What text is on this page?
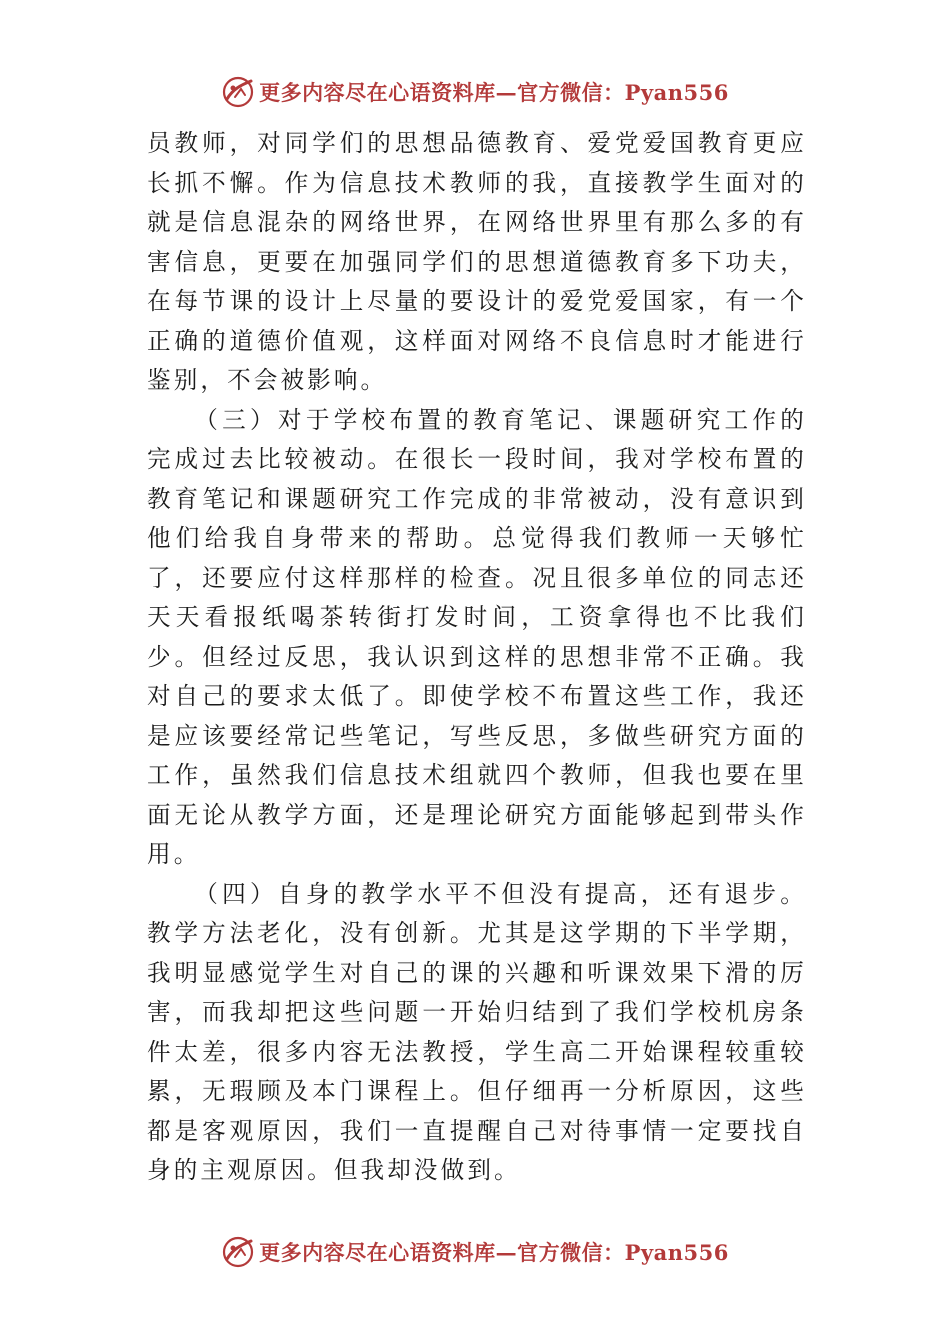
更多内容尽在心语资料库—官方微信：Pyan556

员教师，对同学们的思想品德教育、爱党爱国教育更应长抓不懈。作为信息技术教师的我，直接教学生面对的就是信息混杂的网络世界，在网络世界里有那么多的有害信息，更要在加强同学们的思想道德教育多下功夫，在每节课的设计上尽量的要设计的爱党爱国家，有一个正确的道德价值观，这样面对网络不良信息时才能进行鉴别，不会被影响。

（三）对于学校布置的教育笔记、课题研究工作的完成过去比较被动。在很长一段时间，我对学校布置的教育笔记和课题研究工作完成的非常被动，没有意识到他们给我自身带来的帮助。总觉得我们教师一天够忙了，还要应付这样那样的检查。况且很多单位的同志还天天看报纸喝茶转街打发时间，工资拿得也不比我们少。但经过反思，我认识到这样的思想非常不正确。我对自己的要求太低了。即使学校不布置这些工作，我还是应该要经常记些笔记，写些反思，多做些研究方面的工作，虽然我们信息技术组就四个教师，但我也要在里面无论从教学方面，还是理论研究方面能够起到带头作用。

（四）自身的教学水平不但没有提高，还有退步。教学方法老化，没有创新。尤其是这学期的下半学期，我明显感觉学生对自己的课的兴趣和听课效果下滑的厉害，而我却把这些问题一开始归结到了我们学校机房条件太差，很多内容无法教授，学生高二开始课程较重较累，无瑕顾及本门课程上。但仔细再一分析原因，这些都是客观原因，我们一直提醒自己对待事情一定要找自身的主观原因。但我却没做到。

更多内容尽在心语资料库—官方微信：Pyan556
